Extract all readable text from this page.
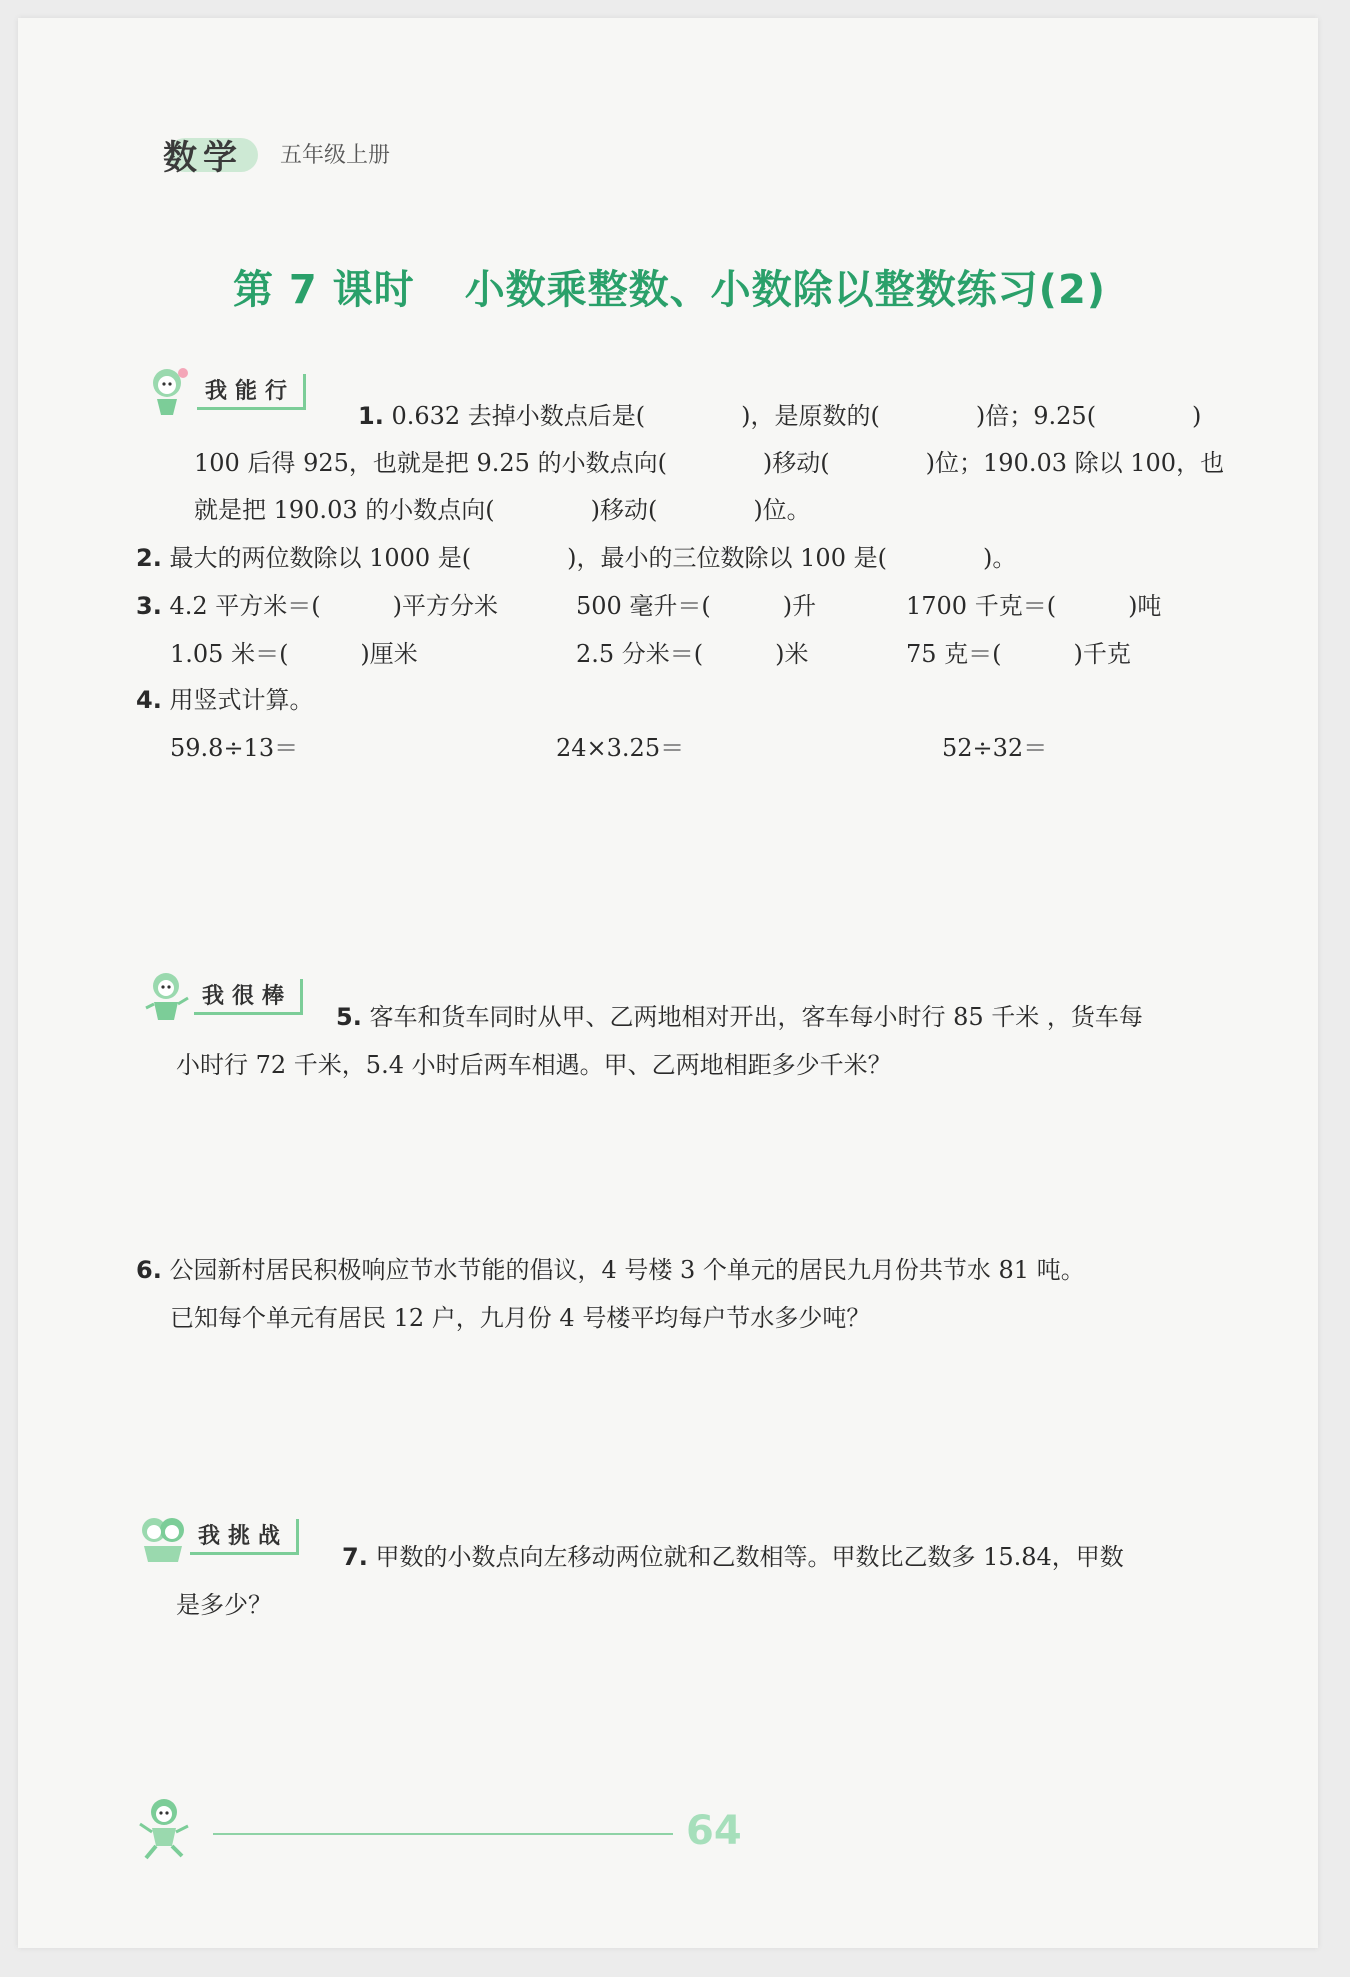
数学 五年级上册
第 7 课时 小数乘整数、小数除以整数练习(2)
我能行
1. 0.632 去掉小数点后是(　　　　)，是原数的(　　　　)倍；9.25(　　　　)
100 后得 925，也就是把 9.25 的小数点向(　　　　)移动(　　　　)位；190.03 除以 100，也
就是把 190.03 的小数点向(　　　　)移动(　　　　)位。
2. 最大的两位数除以 1000 是(　　　　)，最小的三位数除以 100 是(　　　　)。
3. 4.2 平方米＝(　　　)平方分米	500 毫升＝(　　　)升	1700 千克＝(　　　)吨
1.05 米＝(　　　)厘米	2.5 分米＝(　　　)米	75 克＝(　　　)千克
4. 用竖式计算。
59.8÷13＝	24×3.25＝	52÷32＝
我很棒
5. 客车和货车同时从甲、乙两地相对开出，客车每小时行 85 千米 ，货车每
小时行 72 千米，5.4 小时后两车相遇。甲、乙两地相距多少千米？
6. 公园新村居民积极响应节水节能的倡议，4 号楼 3 个单元的居民九月份共节水 81 吨。
已知每个单元有居民 12 户，九月份 4 号楼平均每户节水多少吨？
我挑战
7. 甲数的小数点向左移动两位就和乙数相等。甲数比乙数多 15.84，甲数
是多少？
64
